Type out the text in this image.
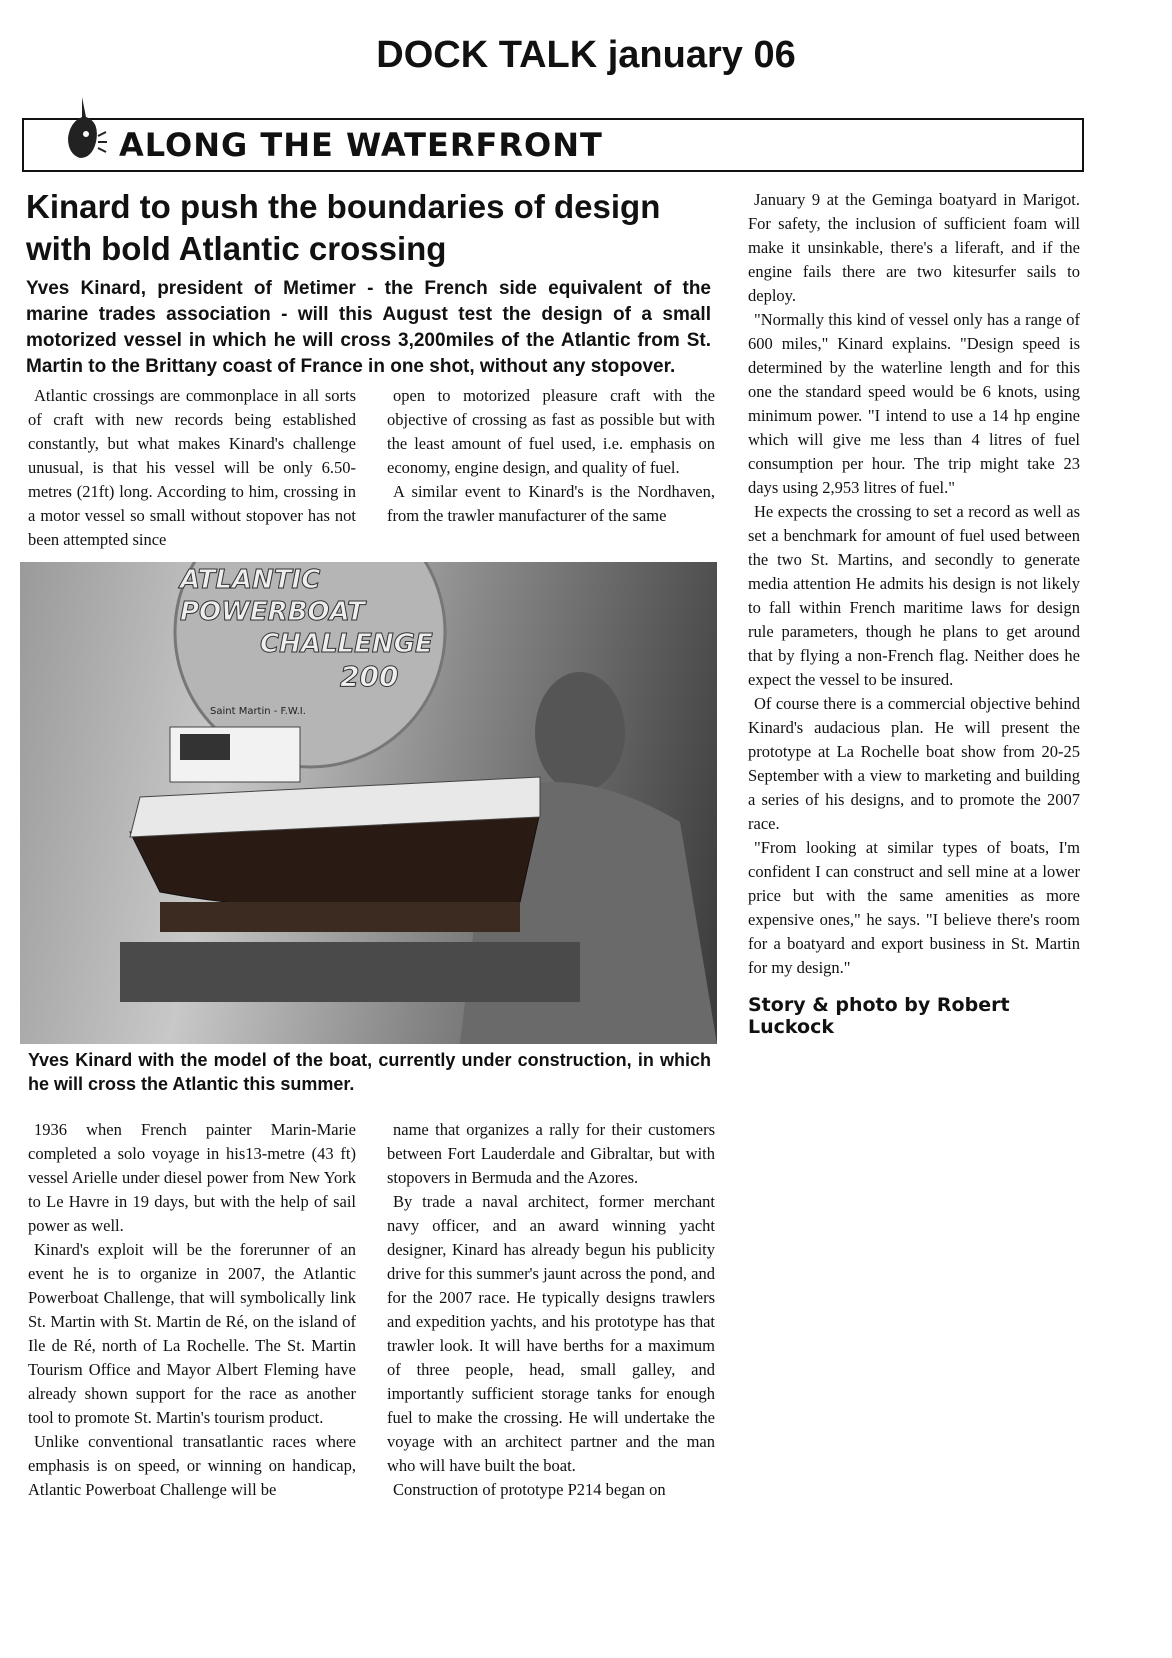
DOCK TALK january 06
ALONG THE WATERFRONT
Kinard to push the boundaries of design with bold Atlantic crossing
Yves Kinard, president of Metimer - the French side equivalent of the marine trades association - will this August test the design of a small motorized vessel in which he will cross 3,200miles of the Atlantic from St. Martin to the Brittany coast of France in one shot, without any stopover.

Atlantic crossings are commonplace in all sorts of craft with new records being established constantly, but what makes Kinard's challenge unusual, is that his vessel will be only 6.50-metres (21ft) long. According to him, crossing in a motor vessel so small without stopover has not been attempted since

open to motorized pleasure craft with the objective of crossing as fast as possible but with the least amount of fuel used, i.e. emphasis on economy, engine design, and quality of fuel.

A similar event to Kinard's is the Nordhaven, from the trawler manufacturer of the same

ATLANTIC
POWERBOAT
CHALLENGE
200
Saint Martin - F.W.I.
Yves Kinard with the model of the boat, currently under construction, in which he will cross the Atlantic this summer.

1936 when French painter Marin-Marie completed a solo voyage in his13-metre (43 ft) vessel Arielle under diesel power from New York to Le Havre in 19 days, but with the help of sail power as well.

Kinard's exploit will be the forerunner of an event he is to organize in 2007, the Atlantic Powerboat Challenge, that will symbolically link St. Martin with St. Martin de Ré, on the island of Ile de Ré, north of La Rochelle. The St. Martin Tourism Office and Mayor Albert Fleming have already shown support for the race as another tool to promote St. Martin's tourism product.

Unlike conventional transatlantic races where emphasis is on speed, or winning on handicap, Atlantic Powerboat Challenge will be

name that organizes a rally for their customers between Fort Lauderdale and Gibraltar, but with stopovers in Bermuda and the Azores.

By trade a naval architect, former merchant navy officer, and an award winning yacht designer, Kinard has already begun his publicity drive for this summer's jaunt across the pond, and for the 2007 race. He typically designs trawlers and expedition yachts, and his prototype has that trawler look. It will have berths for a maximum of three people, head, small galley, and importantly sufficient storage tanks for enough fuel to make the crossing. He will undertake the voyage with an architect partner and the man who will have built the boat.

Construction of prototype P214 began on

January 9 at the Geminga boatyard in Marigot. For safety, the inclusion of sufficient foam will make it unsinkable, there's a liferaft, and if the engine fails there are two kitesurfer sails to deploy.

"Normally this kind of vessel only has a range of 600 miles," Kinard explains. "Design speed is determined by the waterline length and for this one the standard speed would be 6 knots, using minimum power. "I intend to use a 14 hp engine which will give me less than 4 litres of fuel consumption per hour. The trip might take 23 days using 2,953 litres of fuel."

He expects the crossing to set a record as well as set a benchmark for amount of fuel used between the two St. Martins, and secondly to generate media attention He admits his design is not likely to fall within French maritime laws for design rule parameters, though he plans to get around that by flying a non-French flag. Neither does he expect the vessel to be insured.

Of course there is a commercial objective behind Kinard's audacious plan. He will present the prototype at La Rochelle boat show from 20-25 September with a view to marketing and building a series of his designs, and to promote the 2007 race.

"From looking at similar types of boats, I'm confident I can construct and sell mine at a lower price but with the same amenities as more expensive ones," he says. "I believe there's room for a boatyard and export business in St. Martin for my design."

Story & photo by Robert Luckock
